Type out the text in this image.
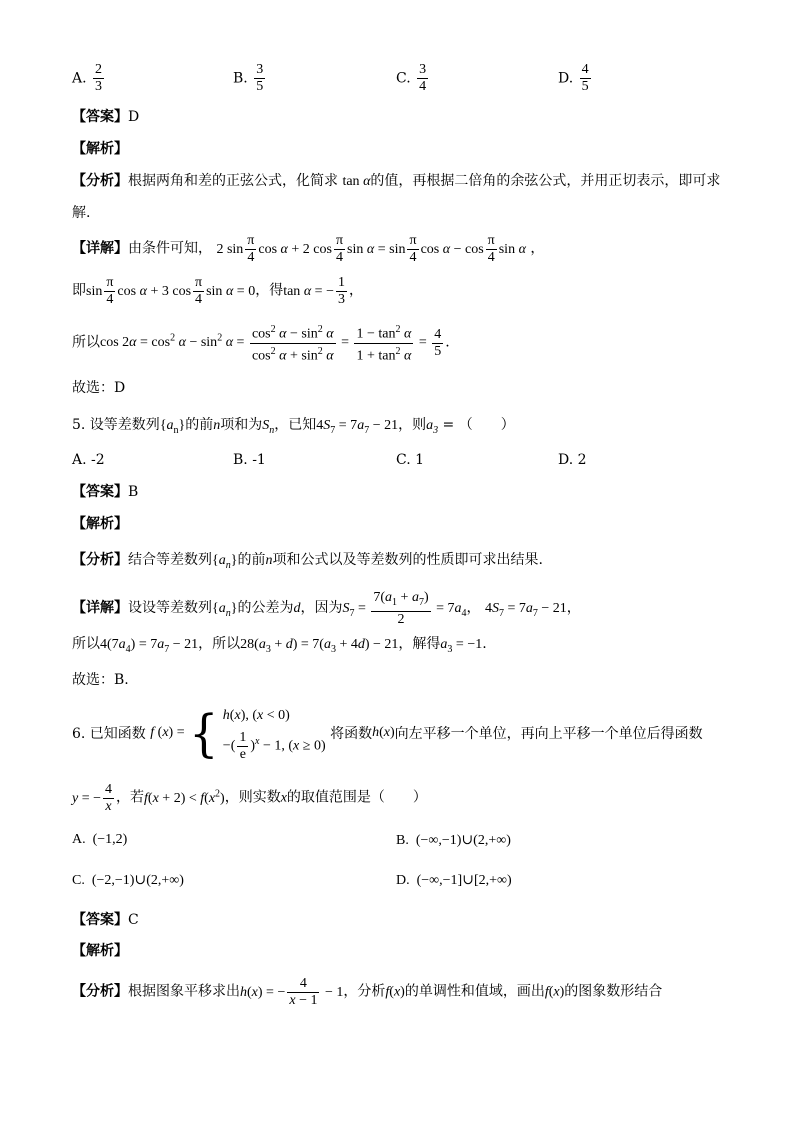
A. $\frac{2}{3}$	B. $\frac{3}{5}$	C. $\frac{3}{4}$	D. $\frac{4}{5}$
【答案】D
【解析】
【分析】根据两角和差的正弦公式，化简求 tan α的值，再根据二倍角的余弦公式，并用正切表示，即可求
解.
【详解】由条件可知， 2 $\sin \frac{\pi}{4}$ cos α + 2 $\cos \frac{\pi}{4}$ $\sin \alpha = \sin \frac{\pi}{4}$ $\cos \alpha - \cos \frac{\pi}{4}$ sin α ，
即$\sin \frac{\pi}{4}$ cos α + 3 $\cos \frac{\pi}{4}$ sin α = 0，得tan α = − $\frac{1}{3}$ ，
所以$\cos 2\alpha = \cos^2 \alpha - \sin^2 \alpha = \frac{\cos^2 \alpha - \sin^2 \alpha}{\cos^2 \alpha + \sin^2 \alpha} = \frac{1 - \tan^2 \alpha}{1 + \tan^2 \alpha} = \frac{4}{5}$ .
故选：D
5. 设等差数列$\{a_n\}$的前n项和为$S_n$，已知$4S_7 = 7a_7 - 21$，则$a_3$ = （　　）
A. -2	B. -1	C. 1	D. 2
【答案】B
【解析】
【分析】结合等差数列$\{a_n\}$的前n项和公式以及等差数列的性质即可求出结果.
【详解】设设等差数列$\{a_n\}$的公差为d，因为$S_7 = \frac{7(a_1 + a_7)}{2} = 7a_4$， $4S_7 = 7a_7 - 21$，
所以$4(7a_4) = 7a_7 - 21$，所以$28(a_3 + d) = 7(a_3 + 4d) - 21$，解得$a_3 = -1$.
故选：B.
6. 已知函数 f (x) = { h(x), (x < 0)
−( $\frac{1}{e} )^x - 1$, (x ≥ 0)
将函数h(x)向左平移一个单位，再向上平移一个单位后得函数
y = − $\frac{4}{x}$ ，若$f(x + 2) < f(x^2)$，则实数x的取值范围是（　　）
A. (−1,2)	B. (−∞,−1)∪(2,+∞)
C. (−2,−1)∪(2,+∞)	D. (−∞,−1]∪[2,+∞)
【答案】C
【解析】
【分析】根据图象平移求出h(x) = − $\frac{4}{x - 1} - 1$，分析f(x)的单调性和值域，画出f(x)的图象数形结合
